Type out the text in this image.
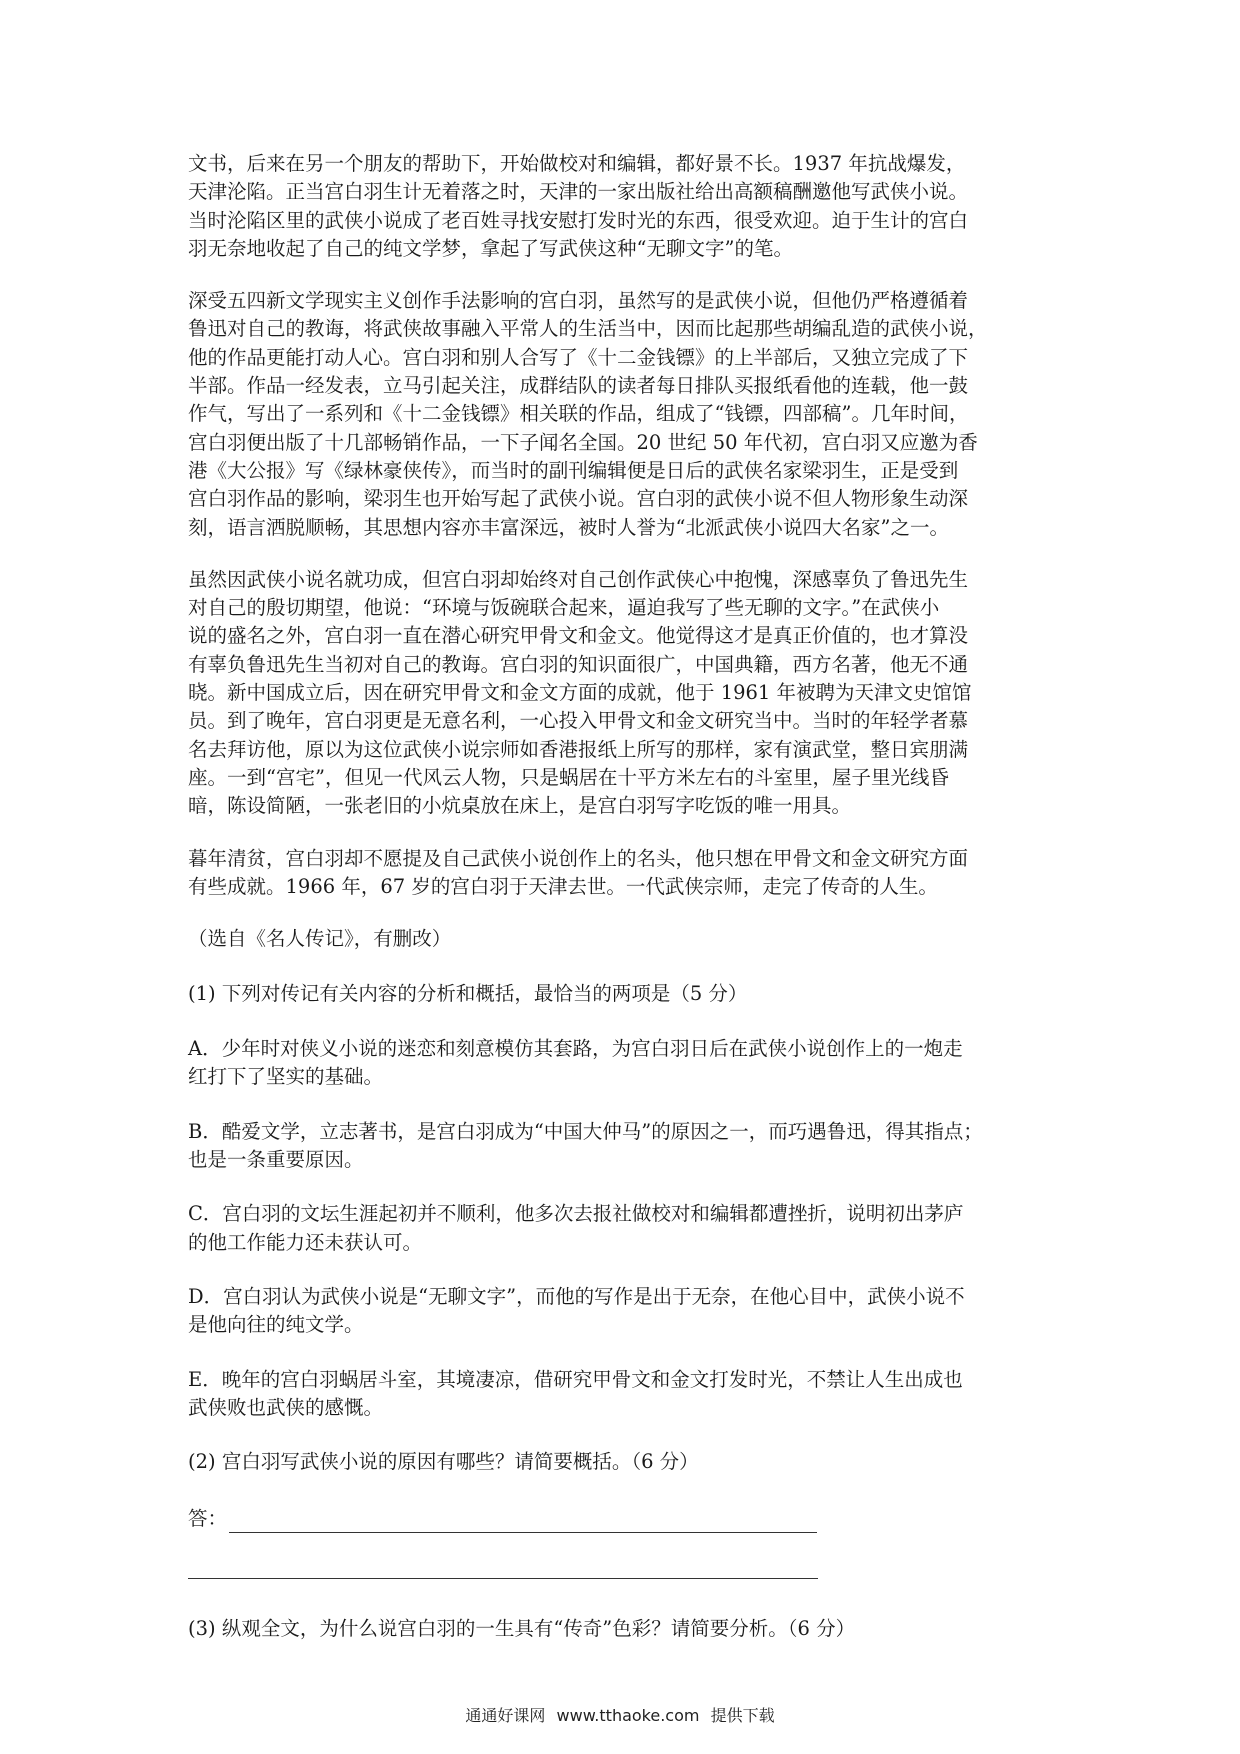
文书，后来在另一个朋友的帮助下，开始做校对和编辑，都好景不长。1937 年抗战爆发，
天津沦陷。正当宫白羽生计无着落之时，天津的一家出版社给出高额稿酬邀他写武侠小说。
当时沦陷区里的武侠小说成了老百姓寻找安慰打发时光的东西，很受欢迎。迫于生计的宫白
羽无奈地收起了自己的纯文学梦，拿起了写武侠这种“无聊文字”的笔。
深受五四新文学现实主义创作手法影响的宫白羽，虽然写的是武侠小说，但他仍严格遵循着
鲁迅对自己的教诲，将武侠故事融入平常人的生活当中，因而比起那些胡编乱造的武侠小说，
他的作品更能打动人心。宫白羽和别人合写了《十二金钱镖》的上半部后，又独立完成了下
半部。作品一经发表，立马引起关注，成群结队的读者每日排队买报纸看他的连载，他一鼓
作气，写出了一系列和《十二金钱镖》相关联的作品，组成了“钱镖，四部稿”。几年时间，
宫白羽便出版了十几部畅销作品，一下子闻名全国。20 世纪 50 年代初，宫白羽又应邀为香
港《大公报》写《绿林豪侠传》，而当时的副刊编辑便是日后的武侠名家梁羽生，正是受到
宫白羽作品的影响，梁羽生也开始写起了武侠小说。宫白羽的武侠小说不但人物形象生动深
刻，语言洒脱顺畅，其思想内容亦丰富深远，被时人誉为“北派武侠小说四大名家”之一。
虽然因武侠小说名就功成，但宫白羽却始终对自己创作武侠心中抱愧，深感辜负了鲁迅先生
对自己的殷切期望，他说：“环境与饭碗联合起来，逼迫我写了些无聊的文字。”在武侠小
说的盛名之外，宫白羽一直在潜心研究甲骨文和金文。他觉得这才是真正价值的，也才算没
有辜负鲁迅先生当初对自己的教诲。宫白羽的知识面很广，中国典籍，西方名著，他无不通
晓。新中国成立后，因在研究甲骨文和金文方面的成就，他于 1961 年被聘为天津文史馆馆
员。到了晚年，宫白羽更是无意名利，一心投入甲骨文和金文研究当中。当时的年轻学者慕
名去拜访他，原以为这位武侠小说宗师如香港报纸上所写的那样，家有演武堂，整日宾朋满
座。一到“宫宅”，但见一代风云人物，只是蜗居在十平方米左右的斗室里，屋子里光线昏
暗，陈设简陋，一张老旧的小炕桌放在床上，是宫白羽写字吃饭的唯一用具。
暮年清贫，宫白羽却不愿提及自己武侠小说创作上的名头，他只想在甲骨文和金文研究方面
有些成就。1966 年，67 岁的宫白羽于天津去世。一代武侠宗师，走完了传奇的人生。
（选自《名人传记》，有删改）
(1) 下列对传记有关内容的分析和概括，最恰当的两项是（5 分）
A．少年时对侠义小说的迷恋和刻意模仿其套路，为宫白羽日后在武侠小说创作上的一炮走
红打下了坚实的基础。
B．酷爱文学，立志著书，是宫白羽成为“中国大仲马”的原因之一，而巧遇鲁迅，得其指点；
也是一条重要原因。
C．宫白羽的文坛生涯起初并不顺利，他多次去报社做校对和编辑都遭挫折，说明初出茅庐
的他工作能力还未获认可。
D．宫白羽认为武侠小说是“无聊文字”，而他的写作是出于无奈，在他心目中，武侠小说不
是他向往的纯文学。
E．晚年的宫白羽蜗居斗室，其境凄凉，借研究甲骨文和金文打发时光，不禁让人生出成也
武侠败也武侠的感慨。
(2) 宫白羽写武侠小说的原因有哪些？请简要概括。（6 分）
答：
(3) 纵观全文，为什么说宫白羽的一生具有“传奇”色彩？请简要分析。（6 分）
通通好课网 www.tthaoke.com 提供下载
